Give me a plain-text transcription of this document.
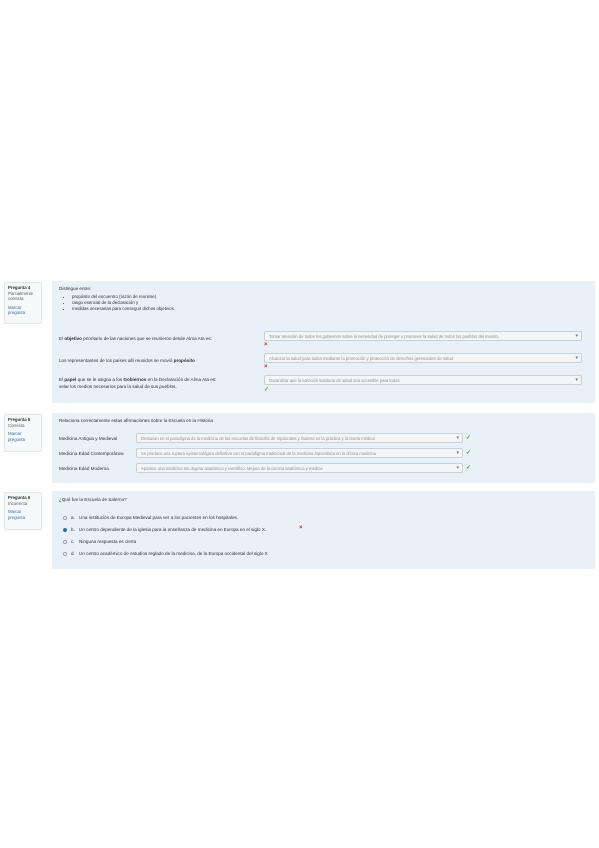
Pregunta 4
Parcialmente correcta
Marcar pregunta
Distingue entre:
• propósito del encuentro (razón de reunirse)
• rasgo esencial de la declaración y
• medidas necesarias para conseguir dichos objetivos.
El objetivo prioritario de las naciones que se reunieron desde Alma Ata es:	Tomar atención de todos los gobiernos sobre la necesidad de proteger y promover la salud de todos los pueblos del mundo.	▾
×
Los representantes de los países allí reunidos se movió propósito	Alcanzar la salud para todos mediante la promoción y protección de derechos gerenciales de salud	▾
×
El papel que se le asigna a los Gobiernos en la Declaración de Alma Ata es:
velar los medios necesarios para la salud de sus pueblos.
Garantizar que la atención sanitaria de salud sea accesible para todos	▾
✓
Pregunta 5
Correcta
Marcar pregunta
Relaciona correctamente estas afirmaciones sobre la Escuela en la Historia
Medicina Antigua y Medieval	Destacan en el paradigma de la medicina de las escuelas de filosofía de Hipócrates y Galeno en la práctica y la teoría médica	▾ ✓
Medicina Edad Contemporánea	Se produce una ruptura epistemológica definitiva con el paradigma tradicional de la medicina hipocrática en la clínica moderna	▾ ✓
Medicina Edad Moderna	Aparece una medicina sin dogma anatómico y científico. Mejora de la ciencia anatómica y médica	▾ ✓
Pregunta 6
Incorrecta
Marcar pregunta
¿Qué fue la Escuela de Salerno?
a. Una institución de Europa Medieval para ver a los pacientes en los hospitales.
b. Un centro dependiente de la iglesia para la enseñanza de medicina en Europa en el siglo X.	×
c. Ninguna respuesta es cierta
d. Un centro académico de estudios reglado de la medicina, de la Europa occidental del siglo X
